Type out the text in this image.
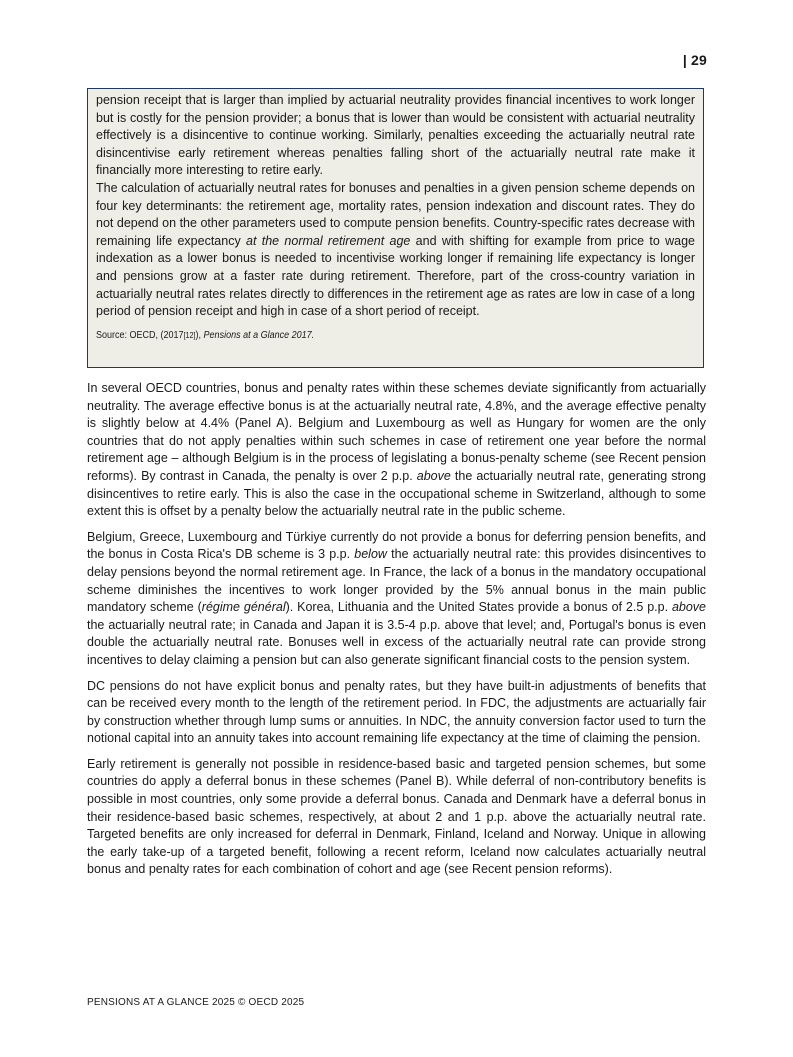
| 29

pension receipt that is larger than implied by actuarial neutrality provides financial incentives to work longer but is costly for the pension provider; a bonus that is lower than would be consistent with actuarial neutrality effectively is a disincentive to continue working. Similarly, penalties exceeding the actuarially neutral rate disincentivise early retirement whereas penalties falling short of the actuarially neutral rate make it financially more interesting to retire early.

The calculation of actuarially neutral rates for bonuses and penalties in a given pension scheme depends on four key determinants: the retirement age, mortality rates, pension indexation and discount rates. They do not depend on the other parameters used to compute pension benefits. Country-specific rates decrease with remaining life expectancy at the normal retirement age and with shifting for example from price to wage indexation as a lower bonus is needed to incentivise working longer if remaining life expectancy is longer and pensions grow at a faster rate during retirement. Therefore, part of the cross-country variation in actuarially neutral rates relates directly to differences in the retirement age as rates are low in case of a long period of pension receipt and high in case of a short period of receipt.

Source: OECD, (2017[12]), Pensions at a Glance 2017.

In several OECD countries, bonus and penalty rates within these schemes deviate significantly from actuarially neutrality. The average effective bonus is at the actuarially neutral rate, 4.8%, and the average effective penalty is slightly below at 4.4% (Panel A). Belgium and Luxembourg as well as Hungary for women are the only countries that do not apply penalties within such schemes in case of retirement one year before the normal retirement age – although Belgium is in the process of legislating a bonus-penalty scheme (see Recent pension reforms). By contrast in Canada, the penalty is over 2 p.p. above the actuarially neutral rate, generating strong disincentives to retire early. This is also the case in the occupational scheme in Switzerland, although to some extent this is offset by a penalty below the actuarially neutral rate in the public scheme.

Belgium, Greece, Luxembourg and Türkiye currently do not provide a bonus for deferring pension benefits, and the bonus in Costa Rica's DB scheme is 3 p.p. below the actuarially neutral rate: this provides disincentives to delay pensions beyond the normal retirement age. In France, the lack of a bonus in the mandatory occupational scheme diminishes the incentives to work longer provided by the 5% annual bonus in the main public mandatory scheme (régime général). Korea, Lithuania and the United States provide a bonus of 2.5 p.p. above the actuarially neutral rate; in Canada and Japan it is 3.5-4 p.p. above that level; and, Portugal's bonus is even double the actuarially neutral rate. Bonuses well in excess of the actuarially neutral rate can provide strong incentives to delay claiming a pension but can also generate significant financial costs to the pension system.

DC pensions do not have explicit bonus and penalty rates, but they have built-in adjustments of benefits that can be received every month to the length of the retirement period. In FDC, the adjustments are actuarially fair by construction whether through lump sums or annuities. In NDC, the annuity conversion factor used to turn the notional capital into an annuity takes into account remaining life expectancy at the time of claiming the pension.

Early retirement is generally not possible in residence-based basic and targeted pension schemes, but some countries do apply a deferral bonus in these schemes (Panel B). While deferral of non-contributory benefits is possible in most countries, only some provide a deferral bonus. Canada and Denmark have a deferral bonus in their residence-based basic schemes, respectively, at about 2 and 1 p.p. above the actuarially neutral rate. Targeted benefits are only increased for deferral in Denmark, Finland, Iceland and Norway. Unique in allowing the early take-up of a targeted benefit, following a recent reform, Iceland now calculates actuarially neutral bonus and penalty rates for each combination of cohort and age (see Recent pension reforms).

PENSIONS AT A GLANCE 2025 © OECD 2025
